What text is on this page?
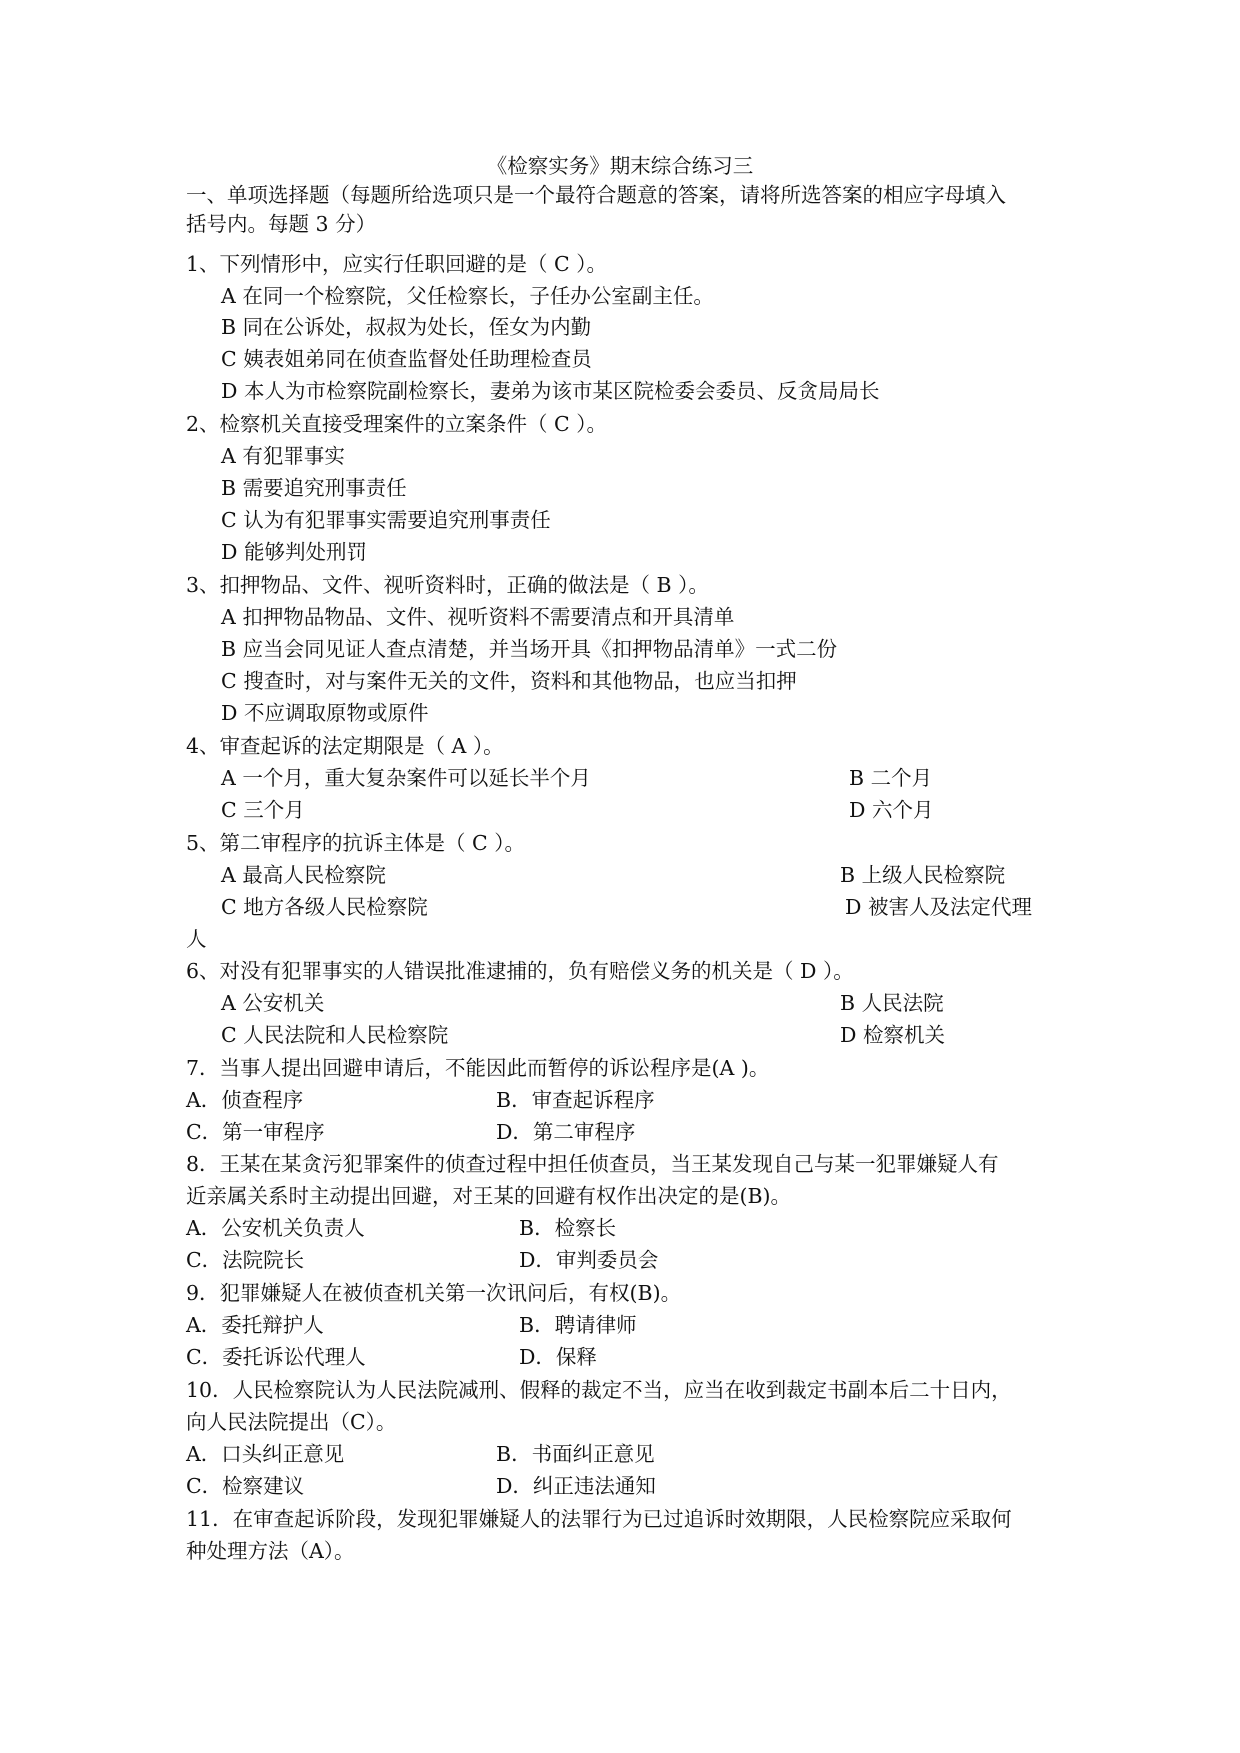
《检察实务》期末综合练习三
一、单项选择题（每题所给选项只是一个最符合题意的答案，请将所选答案的相应字母填入
括号内。每题 3 分）
1、下列情形中，应实行任职回避的是（ C ）。
A 在同一个检察院，父任检察长，子任办公室副主任。
B 同在公诉处，叔叔为处长，侄女为内勤
C 姨表姐弟同在侦查监督处任助理检查员
D 本人为市检察院副检察长，妻弟为该市某区院检委会委员、反贪局局长
2、检察机关直接受理案件的立案条件（ C ）。
A 有犯罪事实
B 需要追究刑事责任
C 认为有犯罪事实需要追究刑事责任
D 能够判处刑罚
3、扣押物品、文件、视听资料时，正确的做法是（ B ）。
A 扣押物品物品、文件、视听资料不需要清点和开具清单
B 应当会同见证人查点清楚，并当场开具《扣押物品清单》一式二份
C 搜查时，对与案件无关的文件，资料和其他物品，也应当扣押
D 不应调取原物或原件
4、审查起诉的法定期限是（ A ）。
A 一个月，重大复杂案件可以延长半个月	B 二个月
C 三个月	D 六个月
5、第二审程序的抗诉主体是（ C ）。
A 最高人民检察院	B 上级人民检察院
C 地方各级人民检察院	D 被害人及法定代理
人
6、对没有犯罪事实的人错误批准逮捕的，负有赔偿义务的机关是（ D ）。
A 公安机关	B 人民法院
C 人民法院和人民检察院	D 检察机关
7．当事人提出回避申请后，不能因此而暂停的诉讼程序是(A )。
A．侦查程序	B．审查起诉程序
C．第一审程序	D．第二审程序
8．王某在某贪污犯罪案件的侦查过程中担任侦查员，当王某发现自己与某一犯罪嫌疑人有
近亲属关系时主动提出回避，对王某的回避有权作出决定的是(B)。
A．公安机关负责人	B．检察长
C．法院院长	D．审判委员会
9．犯罪嫌疑人在被侦查机关第一次讯问后，有权(B)。
A．委托辩护人	B．聘请律师
C．委托诉讼代理人	D．保释
10．人民检察院认为人民法院减刑、假释的裁定不当，应当在收到裁定书副本后二十日内，
向人民法院提出（C）。
A．口头纠正意见	B．书面纠正意见
C．检察建议	D．纠正违法通知
11．在审查起诉阶段，发现犯罪嫌疑人的法罪行为已过追诉时效期限，人民检察院应采取何
种处理方法（A）。
